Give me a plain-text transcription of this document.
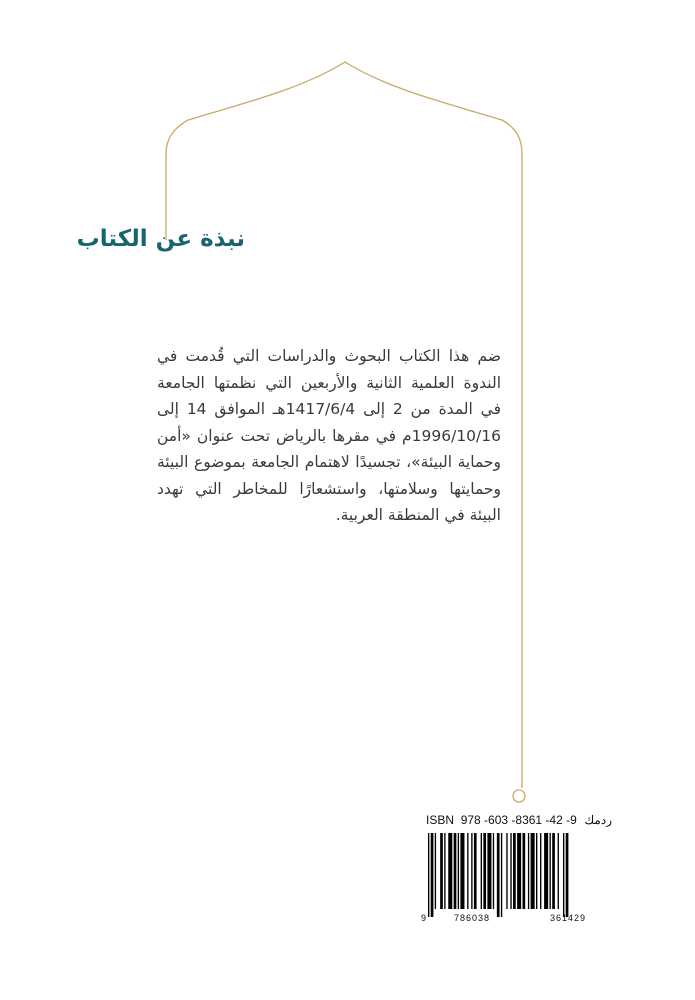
نبذة عن الكتاب

ضم هذا الكتاب البحوث والدراسات التي قُدمت في الندوة العلمية الثانية والأربعين التي نظمتها الجامعة في المدة من 2 إلى 1417/6/4هـ الموافق 14 إلى 1996/10/16م في مقرها بالرياض تحت عنوان «أمن وحماية البيئة»، تجسيدًا لاهتمام الجامعة بموضوع البيئة وحمايتها وسلامتها، واستشعارًا للمخاطر التي تهدد البيئة في المنطقة العربية.

ISBN 978 -603 -8361 -42 -9 ردمك
9	786038	361429
